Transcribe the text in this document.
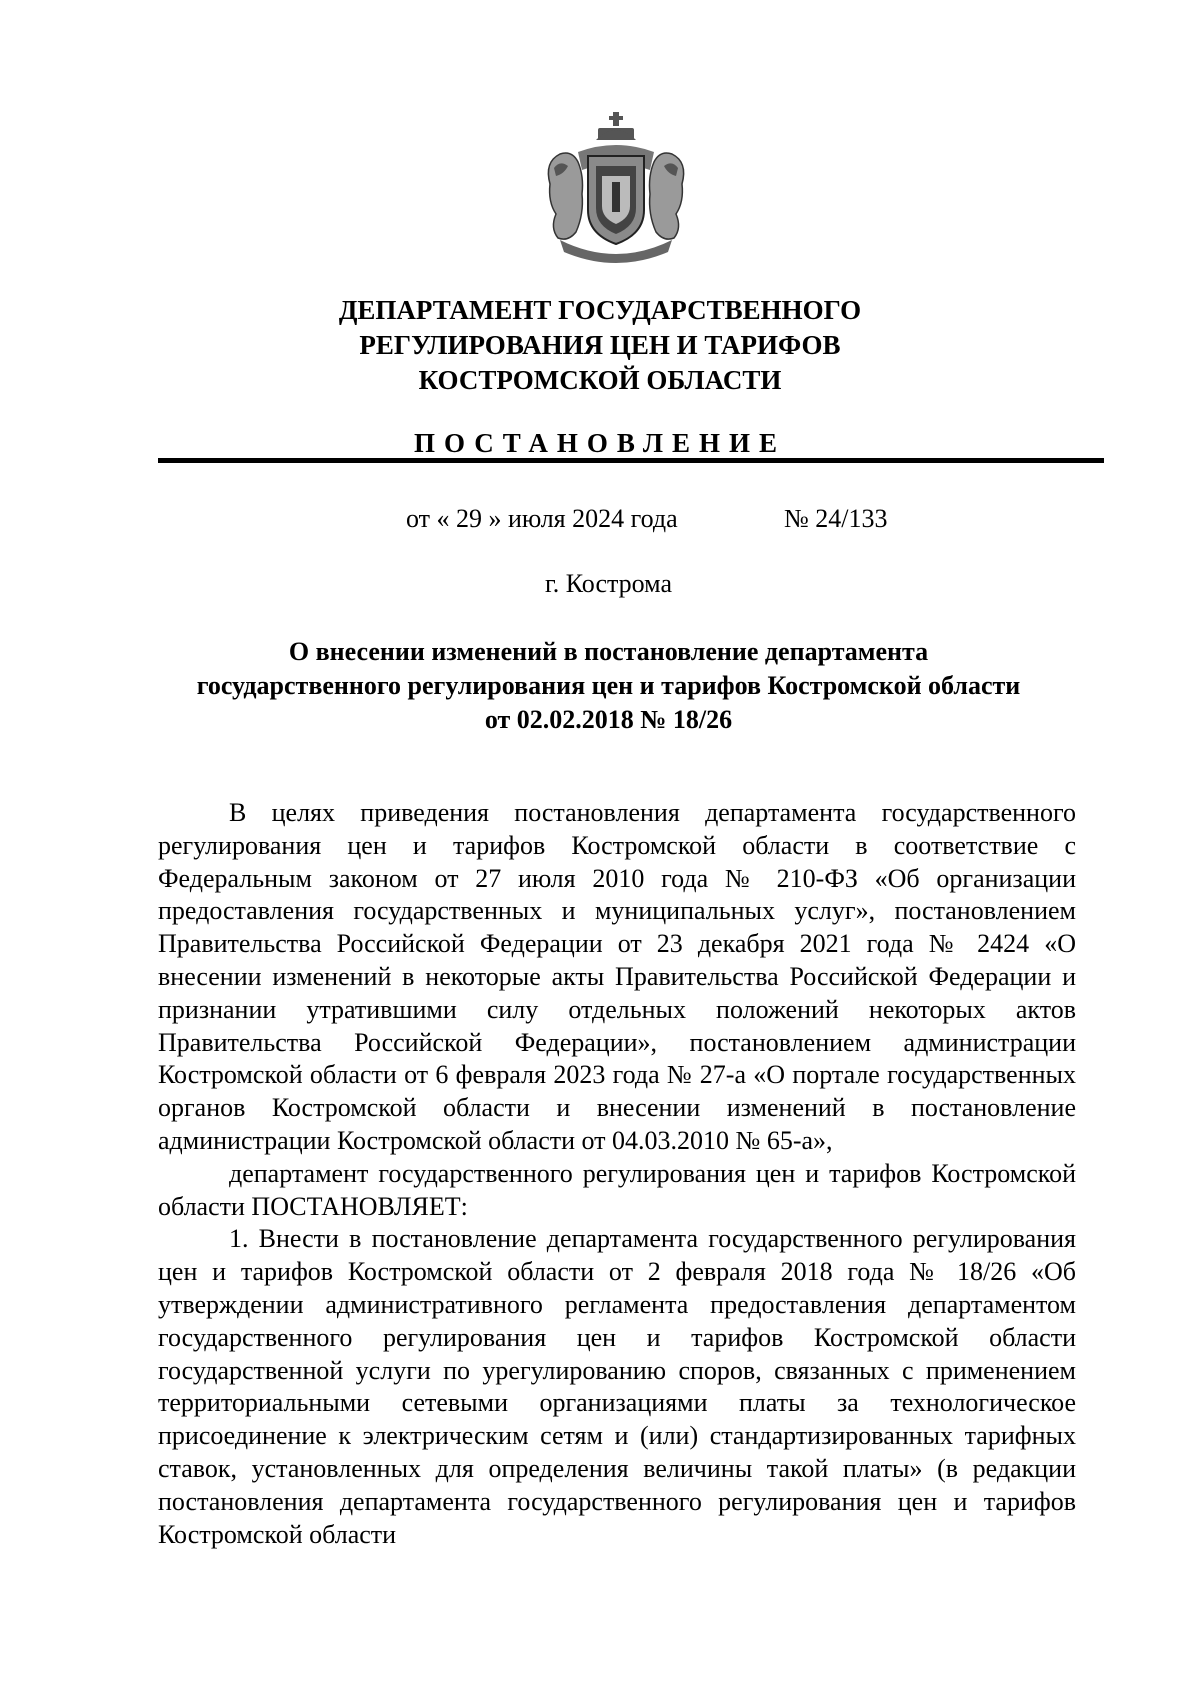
ДЕПАРТАМЕНТ ГОСУДАРСТВЕННОГО
РЕГУЛИРОВАНИЯ ЦЕН И ТАРИФОВ
КОСТРОМСКОЙ ОБЛАСТИ
ПОСТАНОВЛЕНИЕ
от « 29 » июля 2024 года	№ 24/133
г. Кострома
О внесении изменений в постановление департамента
государственного регулирования цен и тарифов Костромской области
от 02.02.2018 № 18/26

В целях приведения постановления департамента государственного регулирования цен и тарифов Костромской области в соответствие с Федеральным законом от 27 июля 2010 года № 210-ФЗ «Об организации предоставления государственных и муниципальных услуг», постановлением Правительства Российской Федерации от 23 декабря 2021 года № 2424 «О внесении изменений в некоторые акты Правительства Российской Федерации и признании утратившими силу отдельных положений некоторых актов Правительства Российской Федерации», постановлением администрации Костромской области от 6 февраля 2023 года № 27-а «О портале государственных органов Костромской области и внесении изменений в постановление администрации Костромской области от 04.03.2010 № 65-а»,

департамент государственного регулирования цен и тарифов Костромской области ПОСТАНОВЛЯЕТ:

1. Внести в постановление департамента государственного регулирования цен и тарифов Костромской области от 2 февраля 2018 года № 18/26 «Об утверждении административного регламента предоставления департаментом государственного регулирования цен и тарифов Костромской области государственной услуги по урегулированию споров, связанных с применением территориальными сетевыми организациями платы за технологическое присоединение к электрическим сетям и (или) стандартизированных тарифных ставок, установленных для определения величины такой платы» (в редакции постановления департамента государственного регулирования цен и тарифов Костромской области
